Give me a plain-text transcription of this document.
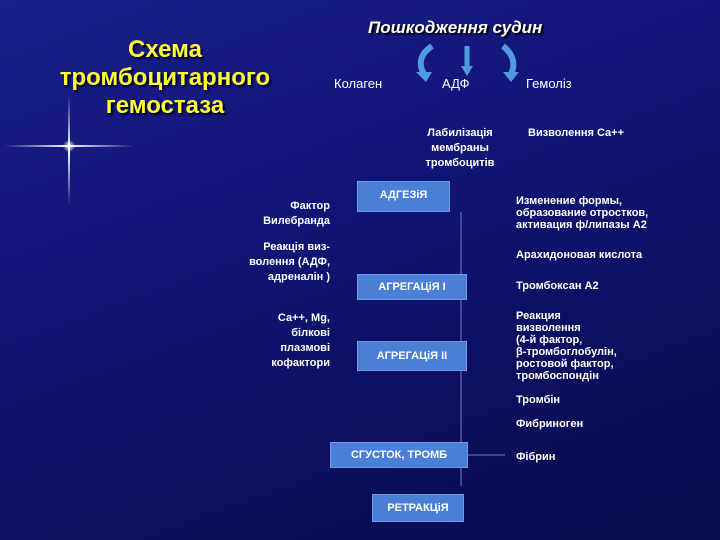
Схема
тромбоцитарного
гемостаза
Пошкодження судин
Колаген	АДФ	Гемоліз
Лабилізація
мембраны
тромбоцитів
Визволення Са++
АДГЕЗіЯ
АГРЕГАЦіЯ I
АГРЕГАЦіЯ II
СГУСТОК, ТРОМБ
РЕТРАКЦіЯ
Фактор
Вилебранда
Реакція виз-
волення (АДФ,
адреналін )
Са++, Mg,
білкові
плазмові
кофактори
Изменение формы,
образование отростков,
активация ф/липазы А2
Арахидоновая кислота
Тромбоксан А2
Реакция
визволення
(4-й фактор,
β-тромбоглобулін,
ростовой фактор,
тромбоспондін
Тромбін
Фибриноген
Фібрин
